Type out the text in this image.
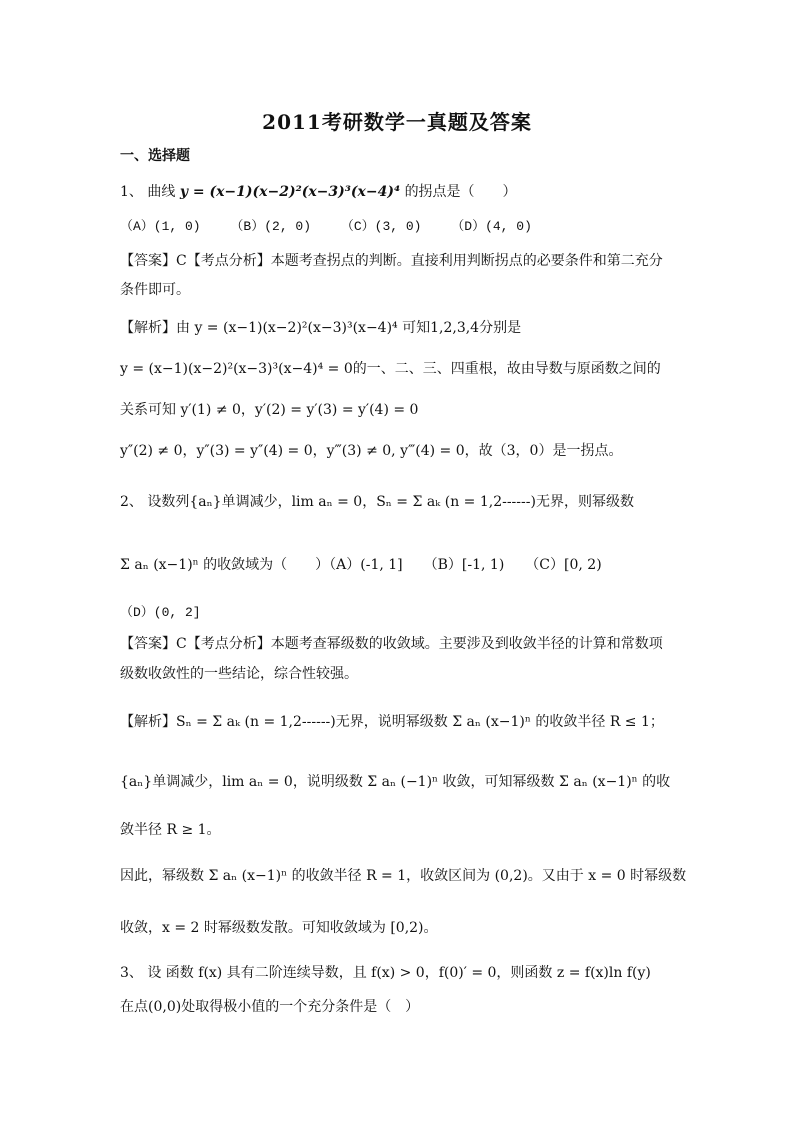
2011考研数学一真题及答案
一、选择题
1、 曲线 y = (x−1)(x−2)²(x−3)³(x−4)⁴ 的拐点是（　　）
（A）(1, 0) （B）(2, 0) （C）(3, 0) （D）(4, 0)
【答案】C【考点分析】本题考查拐点的判断。直接利用判断拐点的必要条件和第二充分
条件即可。
【解析】由 y = (x−1)(x−2)²(x−3)³(x−4)⁴ 可知1,2,3,4分别是
y = (x−1)(x−2)²(x−3)³(x−4)⁴ = 0的一、二、三、四重根，故由导数与原函数之间的
关系可知 y′(1) ≠ 0，y′(2) = y′(3) = y′(4) = 0
y″(2) ≠ 0，y″(3) = y″(4) = 0，y‴(3) ≠ 0, y‴(4) = 0，故（3，0）是一拐点。
2、 设数列{aₙ}单调减少，lim aₙ = 0，Sₙ = Σ aₖ (n = 1,2------)无界，则幂级数
Σ aₙ (x−1)ⁿ 的收敛域为（　　）（A）(-1, 1]　　（B）[-1, 1)　　（C）[0, 2)
（D）(0, 2]
【答案】C【考点分析】本题考查幂级数的收敛域。主要涉及到收敛半径的计算和常数项
级数收敛性的一些结论，综合性较强。
【解析】Sₙ = Σ aₖ (n = 1,2------)无界，说明幂级数 Σ aₙ (x−1)ⁿ 的收敛半径 R ≤ 1；
{aₙ}单调减少，lim aₙ = 0，说明级数 Σ aₙ (−1)ⁿ 收敛，可知幂级数 Σ aₙ (x−1)ⁿ 的收
敛半径 R ≥ 1。
因此，幂级数 Σ aₙ (x−1)ⁿ 的收敛半径 R = 1，收敛区间为 (0,2)。又由于 x = 0 时幂级数
收敛，x = 2 时幂级数发散。可知收敛域为 [0,2)。
3、 设 函数 f(x) 具有二阶连续导数，且 f(x) > 0，f(0)′ = 0，则函数 z = f(x)ln f(y)
在点(0,0)处取得极小值的一个充分条件是（　）
